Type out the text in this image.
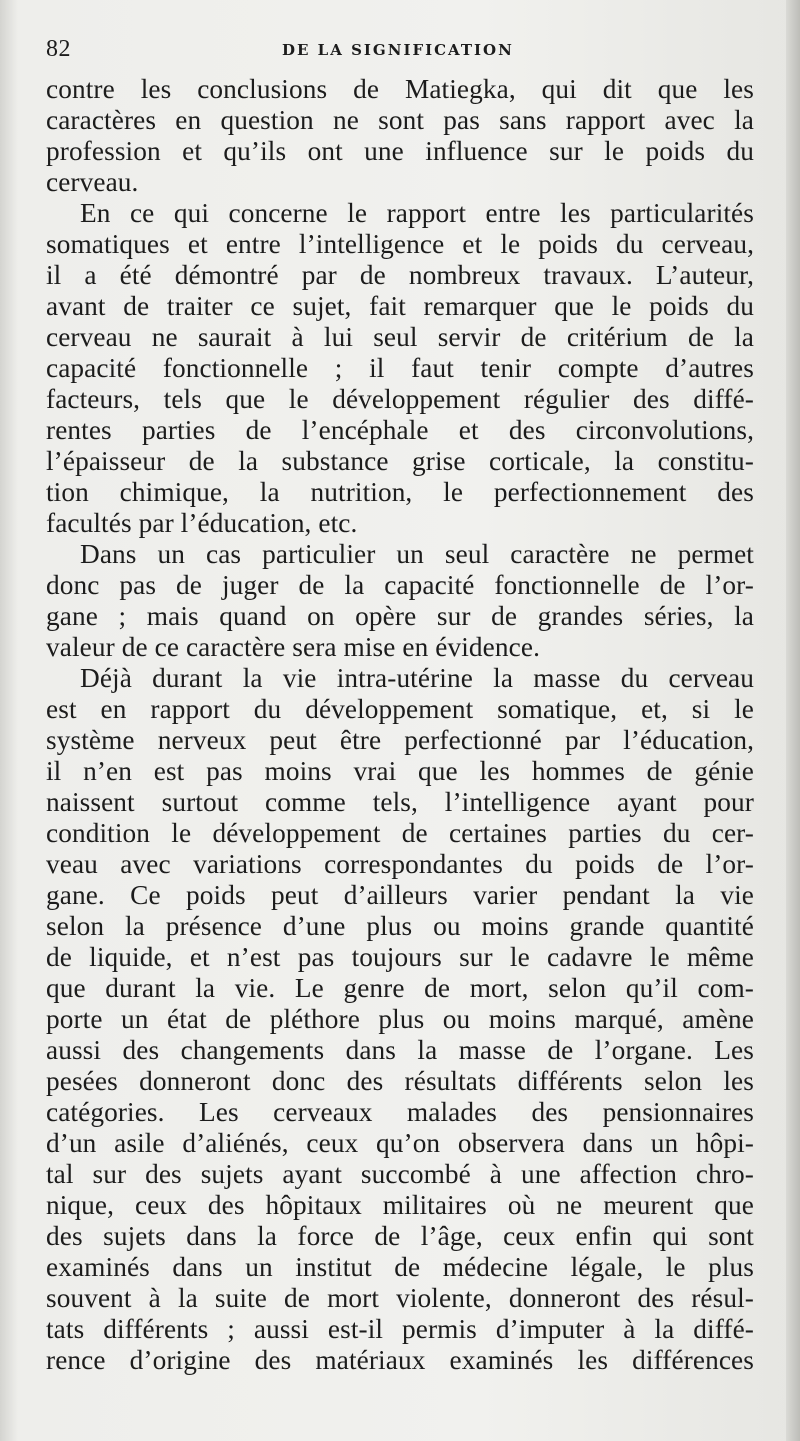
82	DE LA SIGNIFICATION
contre les conclusions de Matiegka, qui dit que les
caractères en question ne sont pas sans rapport avec la
profession et qu’ils ont une influence sur le poids du
cerveau.
En ce qui concerne le rapport entre les particularités
somatiques et entre l’intelligence et le poids du cerveau,
il a été démontré par de nombreux travaux. L’auteur,
avant de traiter ce sujet, fait remarquer que le poids du
cerveau ne saurait à lui seul servir de critérium de la
capacité fonctionnelle ; il faut tenir compte d’autres
facteurs, tels que le développement régulier des diffé-
rentes parties de l’encéphale et des circonvolutions,
l’épaisseur de la substance grise corticale, la constitu-
tion chimique, la nutrition, le perfectionnement des
facultés par l’éducation, etc.
Dans un cas particulier un seul caractère ne permet
donc pas de juger de la capacité fonctionnelle de l’or-
gane ; mais quand on opère sur de grandes séries, la
valeur de ce caractère sera mise en évidence.
Déjà durant la vie intra-utérine la masse du cerveau
est en rapport du développement somatique, et, si le
système nerveux peut être perfectionné par l’éducation,
il n’en est pas moins vrai que les hommes de génie
naissent surtout comme tels, l’intelligence ayant pour
condition le développement de certaines parties du cer-
veau avec variations correspondantes du poids de l’or-
gane. Ce poids peut d’ailleurs varier pendant la vie
selon la présence d’une plus ou moins grande quantité
de liquide, et n’est pas toujours sur le cadavre le même
que durant la vie. Le genre de mort, selon qu’il com-
porte un état de pléthore plus ou moins marqué, amène
aussi des changements dans la masse de l’organe. Les
pesées donneront donc des résultats différents selon les
catégories. Les cerveaux malades des pensionnaires
d’un asile d’aliénés, ceux qu’on observera dans un hôpi-
tal sur des sujets ayant succombé à une affection chro-
nique, ceux des hôpitaux militaires où ne meurent que
des sujets dans la force de l’âge, ceux enfin qui sont
examinés dans un institut de médecine légale, le plus
souvent à la suite de mort violente, donneront des résul-
tats différents ; aussi est-il permis d’imputer à la diffé-
rence d’origine des matériaux examinés les différences
